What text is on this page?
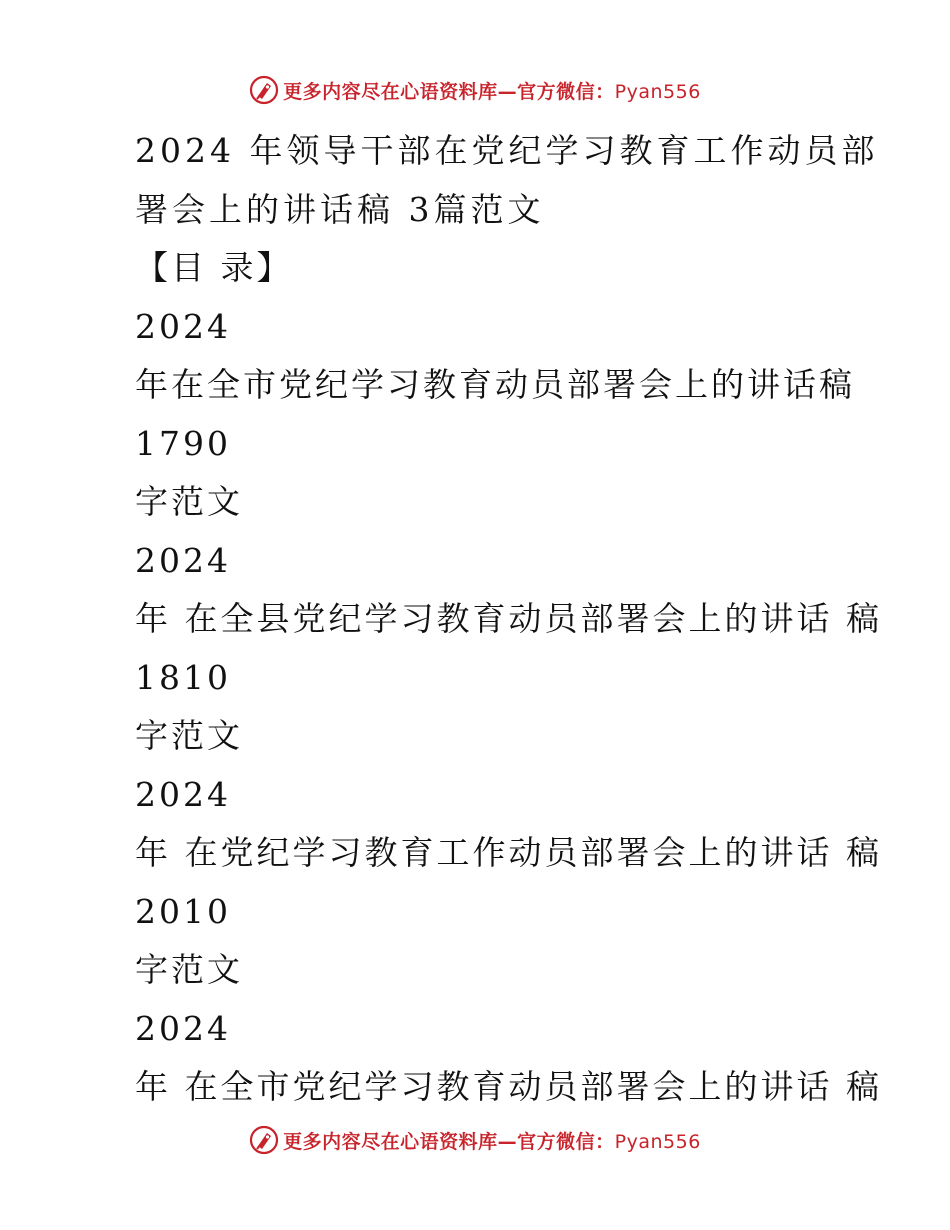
更多内容尽在心语资料库—官方微信：Pyan556
2024 年领导干部在党纪学习教育工作动员部
署会上的讲话稿 3篇范文
【目 录】
2024
年在全市党纪学习教育动员部署会上的讲话稿
1790
字范文
2024
年 在全县党纪学习教育动员部署会上的讲话 稿
1810
字范文
2024
年 在党纪学习教育工作动员部署会上的讲话 稿
2010
字范文
2024
年 在全市党纪学习教育动员部署会上的讲话 稿
更多内容尽在心语资料库—官方微信：Pyan556
